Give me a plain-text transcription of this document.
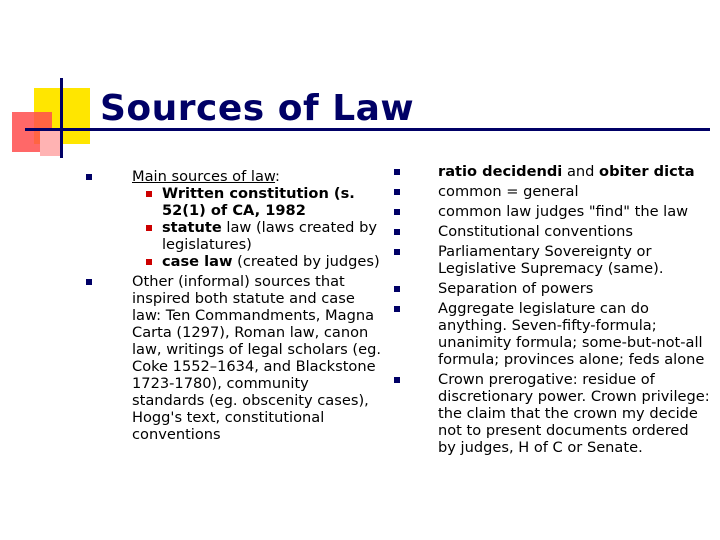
Sources of Law
Main sources of law:
Written constitution (s. 52(1) of CA, 1982
statute law (laws created by legislatures)
case law (created by judges)
Other (informal) sources that inspired both statute and case law: Ten Commandments, Magna Carta (1297), Roman law, canon law, writings of legal scholars (eg. Coke 1552–1634, and Blackstone 1723-1780), community standards (eg. obscenity cases), Hogg's text, constitutional conventions
ratio decidendi and obiter dicta
common = general
common law judges "find" the law
Constitutional conventions
Parliamentary Sovereignty or Legislative Supremacy (same).
Separation of powers
Aggregate legislature can do anything. Seven-fifty-formula; unanimity formula; some-but-not-all formula; provinces alone; feds alone
Crown prerogative: residue of discretionary power. Crown privilege: the claim that the crown my decide not to present documents ordered by judges, H of C or Senate.
